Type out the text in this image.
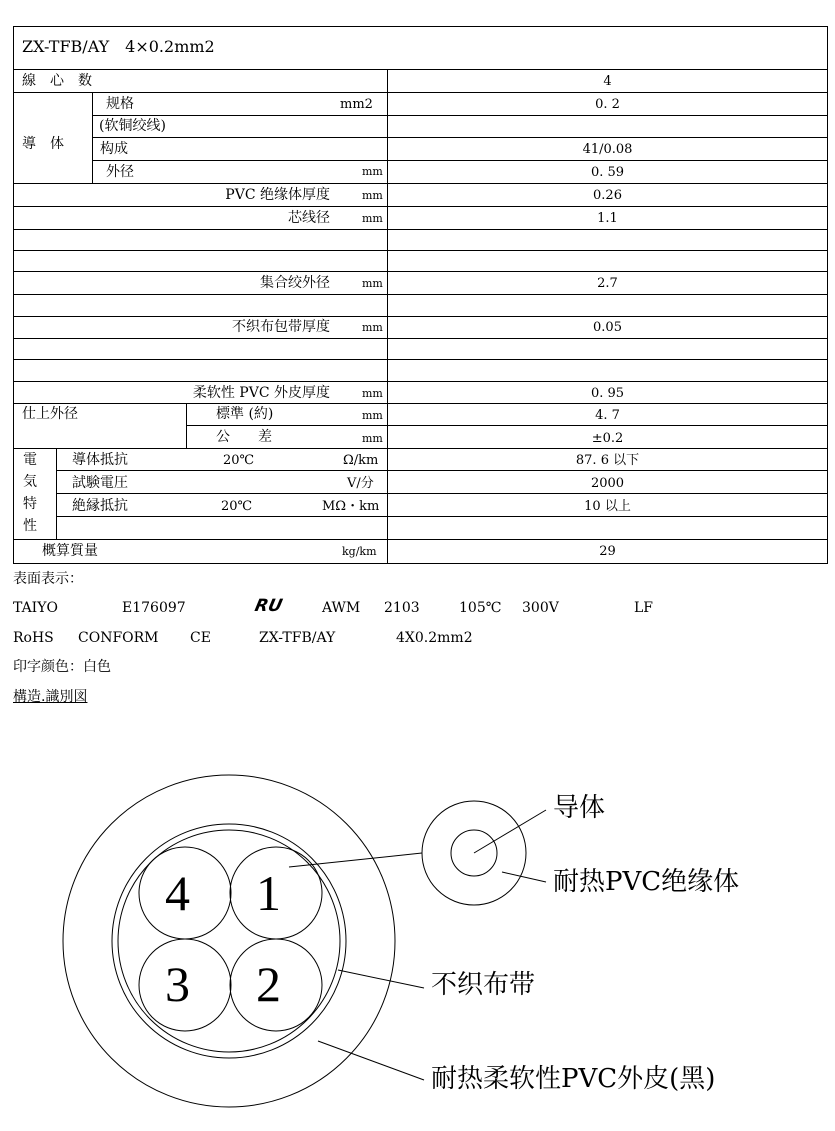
ZX-TFB/AY　4×0.2mm2
線　心　数	4
導　体
规格	mm2	0. 2
(软铜绞线)
构成	41/0.08
外径	mm	0. 59
PVC 绝缘体厚度	mm	0.26
芯线径	mm	1.1
集合绞外径	mm	2.7
不织布包带厚度	mm	0.05
柔软性 PVC 外皮厚度	mm	0. 95
仕上外径	標準 (約)	mm	4. 7
公　　差	mm	±0.2
電
気
特
性
導体抵抗	20℃	Ω/km	87. 6 以下
試験電圧	V/分	2000
絶縁抵抗	20℃	MΩ・km	10 以上
概算質量	kg/km	29
表面表示：
TAIYO	E176097	RU	AWM 2103	105℃ 300V	LF
RoHS CONFORM CE	ZX-TFB/AY	4X0.2mm2
印字颜色：白色
構造.識別図
4 1
3 2
导体
耐热PVC绝缘体
不织布带
耐热柔软性PVC外皮(黑)
